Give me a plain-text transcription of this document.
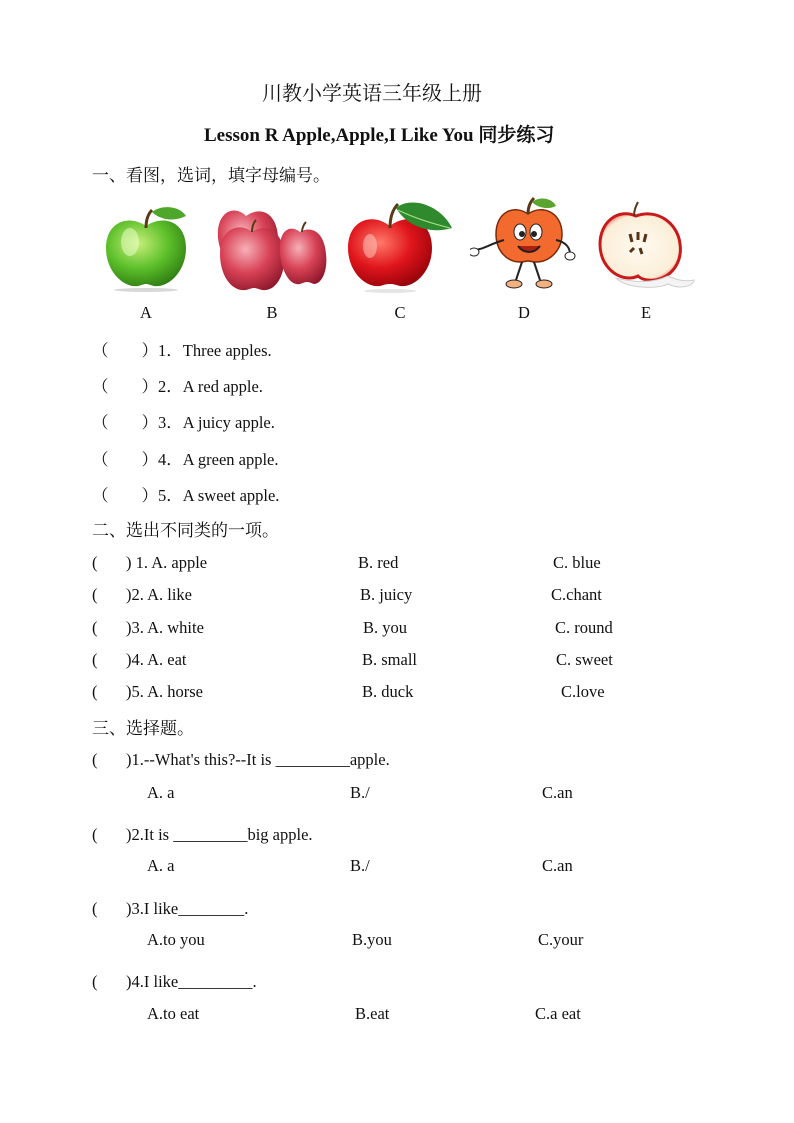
川教小学英语三年级上册
Lesson R Apple,Apple,I Like You 同步练习
一、看图，选词，填字母编号。
A	B	C	D	E
（　　）1．Three apples.
（　　）2．A red apple.
（　　）3．A juicy apple.
（　　）4．A green apple.
（　　）5．A sweet apple.
二、选出不同类的一项。
( ) 1. A. apple	B. red	C. blue
( )2. A. like	B. juicy	C.chant
( )3. A. white	B. you	C. round
( )4. A. eat	B. small	C. sweet
( )5. A. horse	B. duck	C.love
三、选择题。
( )1.--What's this?--It is _________apple.
A. a	B./	C.an
( )2.It is _________big apple.
A. a	B./	C.an
( )3.I like________.
A.to you	B.you	C.your
( )4.I like_________.
A.to eat	B.eat	C.a eat
